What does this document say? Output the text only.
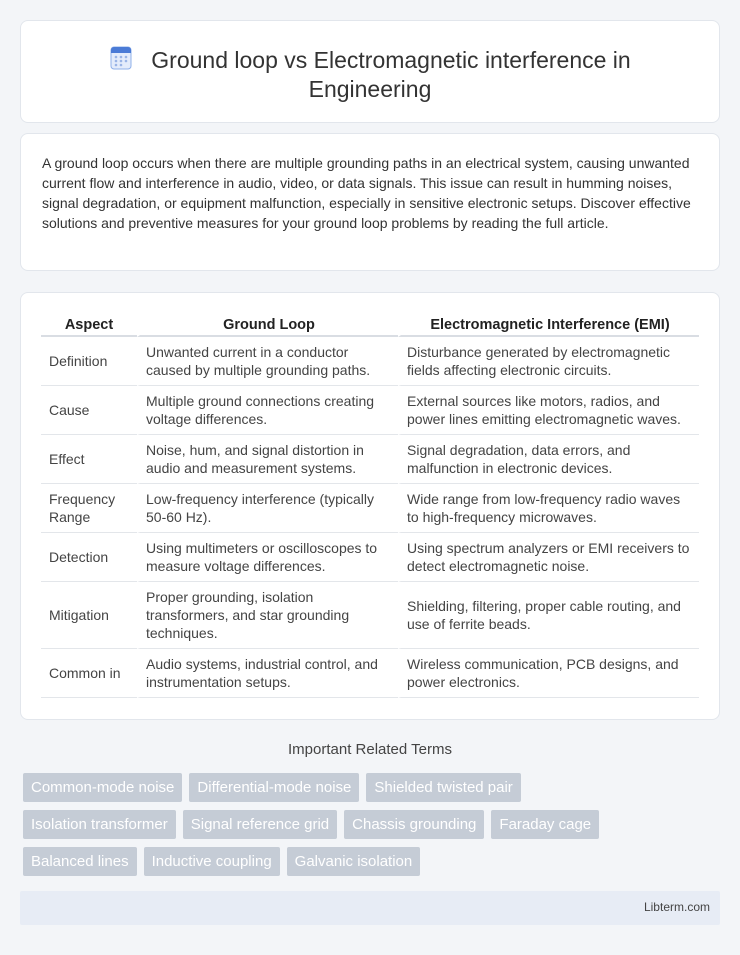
Ground loop vs Electromagnetic interference in Engineering

A ground loop occurs when there are multiple grounding paths in an electrical system, causing unwanted current flow and interference in audio, video, or data signals. This issue can result in humming noises, signal degradation, or equipment malfunction, especially in sensitive electronic setups. Discover effective solutions and preventive measures for your ground loop problems by reading the full article.

Aspect	Ground Loop	Electromagnetic Interference (EMI)
Definition	Unwanted current in a conductor caused by multiple grounding paths.	Disturbance generated by electromagnetic fields affecting electronic circuits.
Cause	Multiple ground connections creating voltage differences.	External sources like motors, radios, and power lines emitting electromagnetic waves.
Effect	Noise, hum, and signal distortion in audio and measurement systems.	Signal degradation, data errors, and malfunction in electronic devices.
Frequency Range	Low-frequency interference (typically 50-60 Hz).	Wide range from low-frequency radio waves to high-frequency microwaves.
Detection	Using multimeters or oscilloscopes to measure voltage differences.	Using spectrum analyzers or EMI receivers to detect electromagnetic noise.
Mitigation	Proper grounding, isolation transformers, and star grounding techniques.	Shielding, filtering, proper cable routing, and use of ferrite beads.
Common in	Audio systems, industrial control, and instrumentation setups.	Wireless communication, PCB designs, and power electronics.
Important Related Terms
Common-mode noise	Differential-mode noise	Shielded twisted pair
Isolation transformer	Signal reference grid	Chassis grounding	Faraday cage
Balanced lines	Inductive coupling	Galvanic isolation
Libterm.com
